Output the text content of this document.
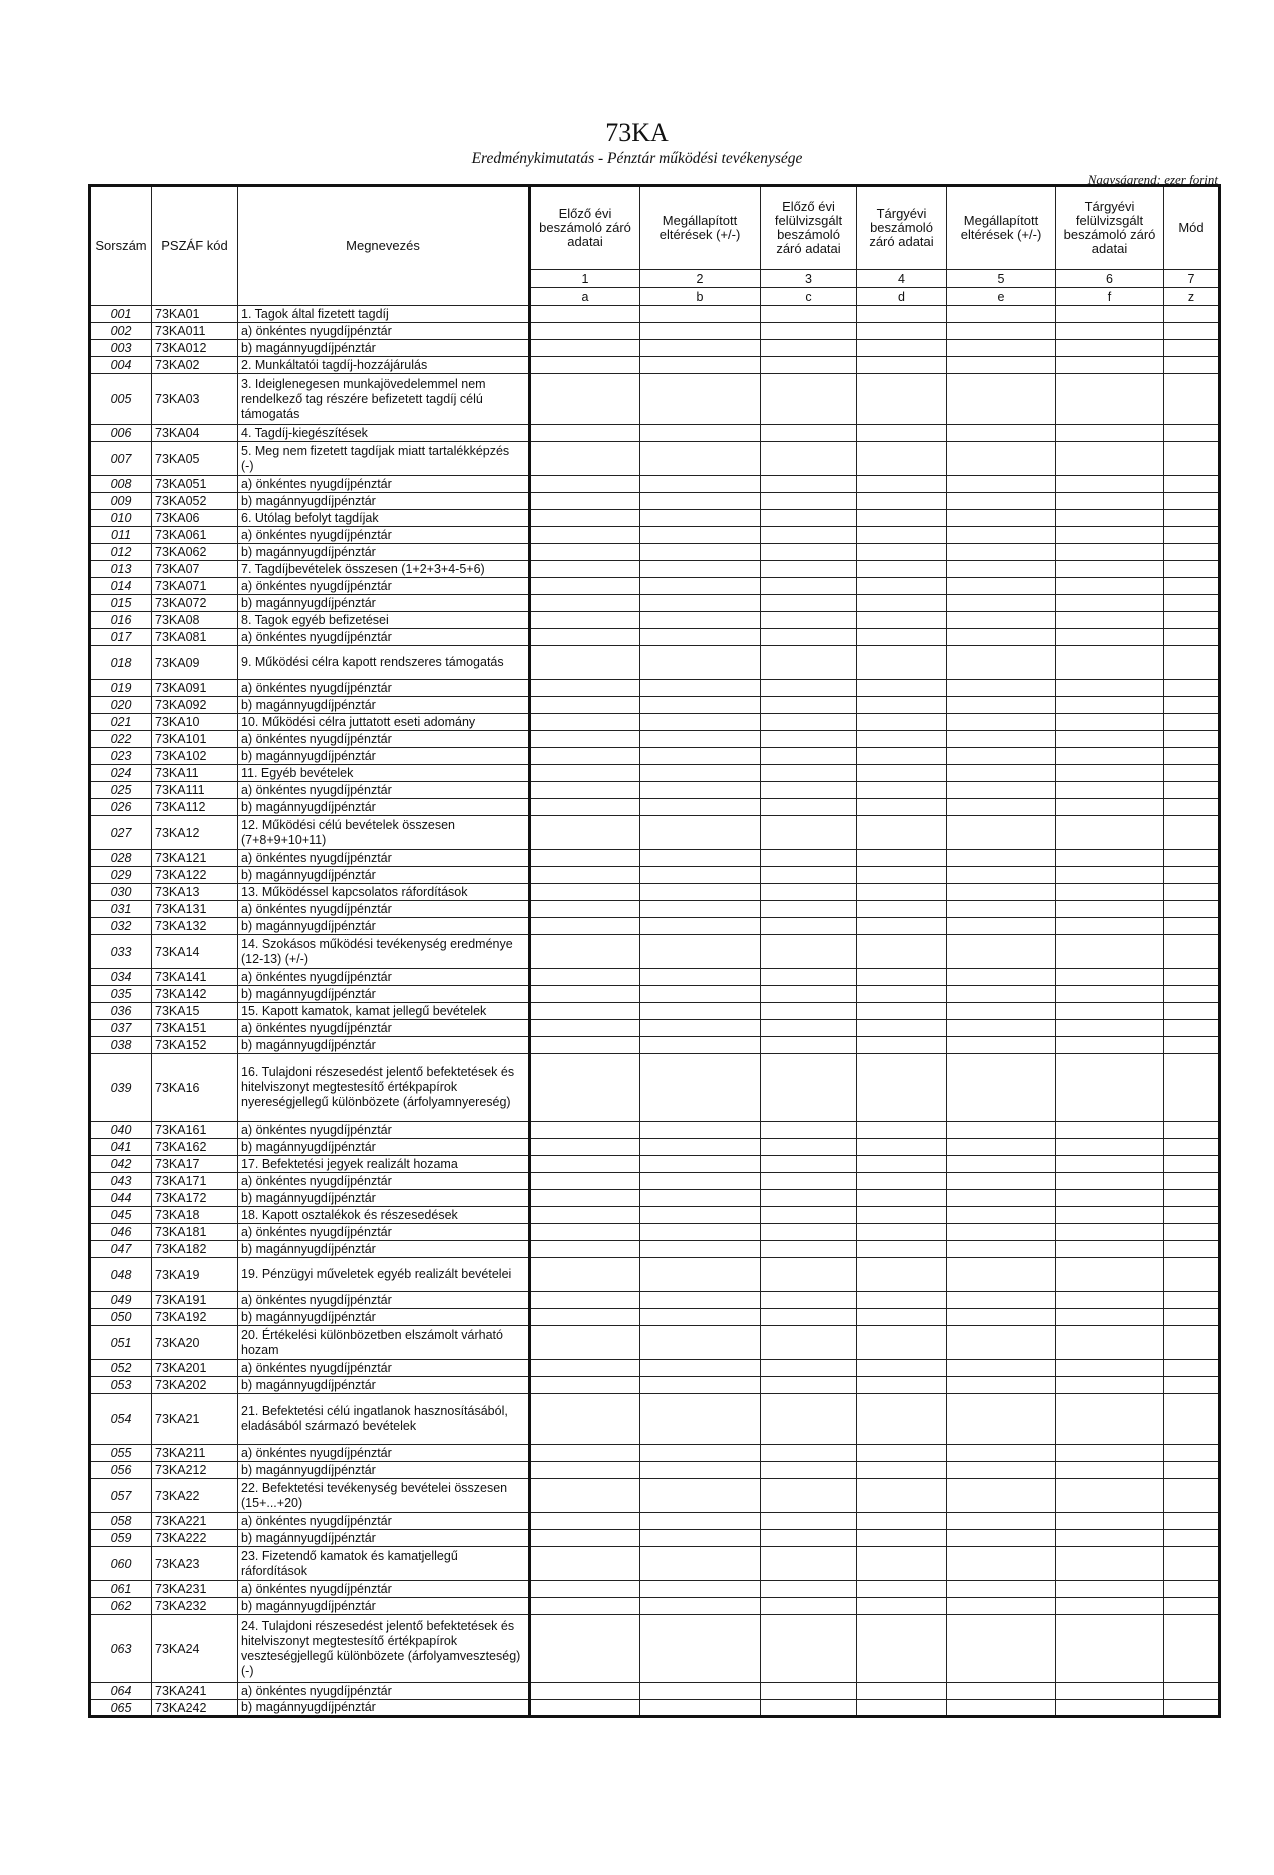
73KA
Eredménykimutatás - Pénztár működési tevékenysége
Nagyságrend: ezer forint
Sorszám	PSZÁF kód	Megnevezés	Előző évi beszámoló záró adatai	Megállapított eltérések (+/-)	Előző évi felülvizsgált beszámoló záró adatai	Tárgyévi beszámoló záró adatai	Megállapított eltérések (+/-)	Tárgyévi felülvizsgált beszámoló záró adatai	Mód
			1	2	3	4	5	6	7
			a	b	c	d	e	f	z
001	73KA01	1. Tagok által fizetett tagdíj							
002	73KA011	a) önkéntes nyugdíjpénztár							
003	73KA012	b) magánnyugdíjpénztár							
004	73KA02	2. Munkáltatói tagdíj-hozzájárulás							
005	73KA03	3. Ideiglenegesen munkajövedelemmel nem rendelkező tag részére befizetett tagdíj célú támogatás							
006	73KA04	4. Tagdíj-kiegészítések							
007	73KA05	5. Meg nem fizetett tagdíjak miatt tartalékképzés (-)							
008	73KA051	a) önkéntes nyugdíjpénztár							
009	73KA052	b) magánnyugdíjpénztár							
010	73KA06	6. Utólag befolyt tagdíjak							
011	73KA061	a) önkéntes nyugdíjpénztár							
012	73KA062	b) magánnyugdíjpénztár							
013	73KA07	7. Tagdíjbevételek összesen (1+2+3+4-5+6)							
014	73KA071	a) önkéntes nyugdíjpénztár							
015	73KA072	b) magánnyugdíjpénztár							
016	73KA08	8. Tagok egyéb befizetései							
017	73KA081	a) önkéntes nyugdíjpénztár							
018	73KA09	9. Működési célra kapott rendszeres támogatás							
019	73KA091	a) önkéntes nyugdíjpénztár							
020	73KA092	b) magánnyugdíjpénztár							
021	73KA10	10. Működési célra juttatott eseti adomány							
022	73KA101	a) önkéntes nyugdíjpénztár							
023	73KA102	b) magánnyugdíjpénztár							
024	73KA11	11. Egyéb bevételek							
025	73KA111	a) önkéntes nyugdíjpénztár							
026	73KA112	b) magánnyugdíjpénztár							
027	73KA12	12. Működési célú bevételek összesen (7+8+9+10+11)							
028	73KA121	a) önkéntes nyugdíjpénztár							
029	73KA122	b) magánnyugdíjpénztár							
030	73KA13	13. Működéssel kapcsolatos ráfordítások							
031	73KA131	a) önkéntes nyugdíjpénztár							
032	73KA132	b) magánnyugdíjpénztár							
033	73KA14	14. Szokásos működési tevékenység eredménye (12-13) (+/-)							
034	73KA141	a) önkéntes nyugdíjpénztár							
035	73KA142	b) magánnyugdíjpénztár							
036	73KA15	15. Kapott kamatok, kamat jellegű bevételek							
037	73KA151	a) önkéntes nyugdíjpénztár							
038	73KA152	b) magánnyugdíjpénztár							
039	73KA16	16. Tulajdoni részesedést jelentő befektetések és hitelviszonyt megtestesítő értékpapírok nyereségjellegű különbözete (árfolyamnyereség)							
040	73KA161	a) önkéntes nyugdíjpénztár							
041	73KA162	b) magánnyugdíjpénztár							
042	73KA17	17. Befektetési jegyek realizált hozama							
043	73KA171	a) önkéntes nyugdíjpénztár							
044	73KA172	b) magánnyugdíjpénztár							
045	73KA18	18. Kapott osztalékok és részesedések							
046	73KA181	a) önkéntes nyugdíjpénztár							
047	73KA182	b) magánnyugdíjpénztár							
048	73KA19	19. Pénzügyi műveletek egyéb realizált bevételei							
049	73KA191	a) önkéntes nyugdíjpénztár							
050	73KA192	b) magánnyugdíjpénztár							
051	73KA20	20. Értékelési különbözetben elszámolt várható hozam							
052	73KA201	a) önkéntes nyugdíjpénztár							
053	73KA202	b) magánnyugdíjpénztár							
054	73KA21	21. Befektetési célú ingatlanok hasznosításából, eladásából származó bevételek							
055	73KA211	a) önkéntes nyugdíjpénztár							
056	73KA212	b) magánnyugdíjpénztár							
057	73KA22	22. Befektetési tevékenység bevételei összesen (15+...+20)							
058	73KA221	a) önkéntes nyugdíjpénztár							
059	73KA222	b) magánnyugdíjpénztár							
060	73KA23	23. Fizetendő kamatok és kamatjellegű ráfordítások							
061	73KA231	a) önkéntes nyugdíjpénztár							
062	73KA232	b) magánnyugdíjpénztár							
063	73KA24	24. Tulajdoni részesedést jelentő befektetések és hitelviszonyt megtestesítő értékpapírok veszteségjellegű különbözete (árfolyamveszteség) (-)							
064	73KA241	a) önkéntes nyugdíjpénztár							
065	73KA242	b) magánnyugdíjpénztár							
